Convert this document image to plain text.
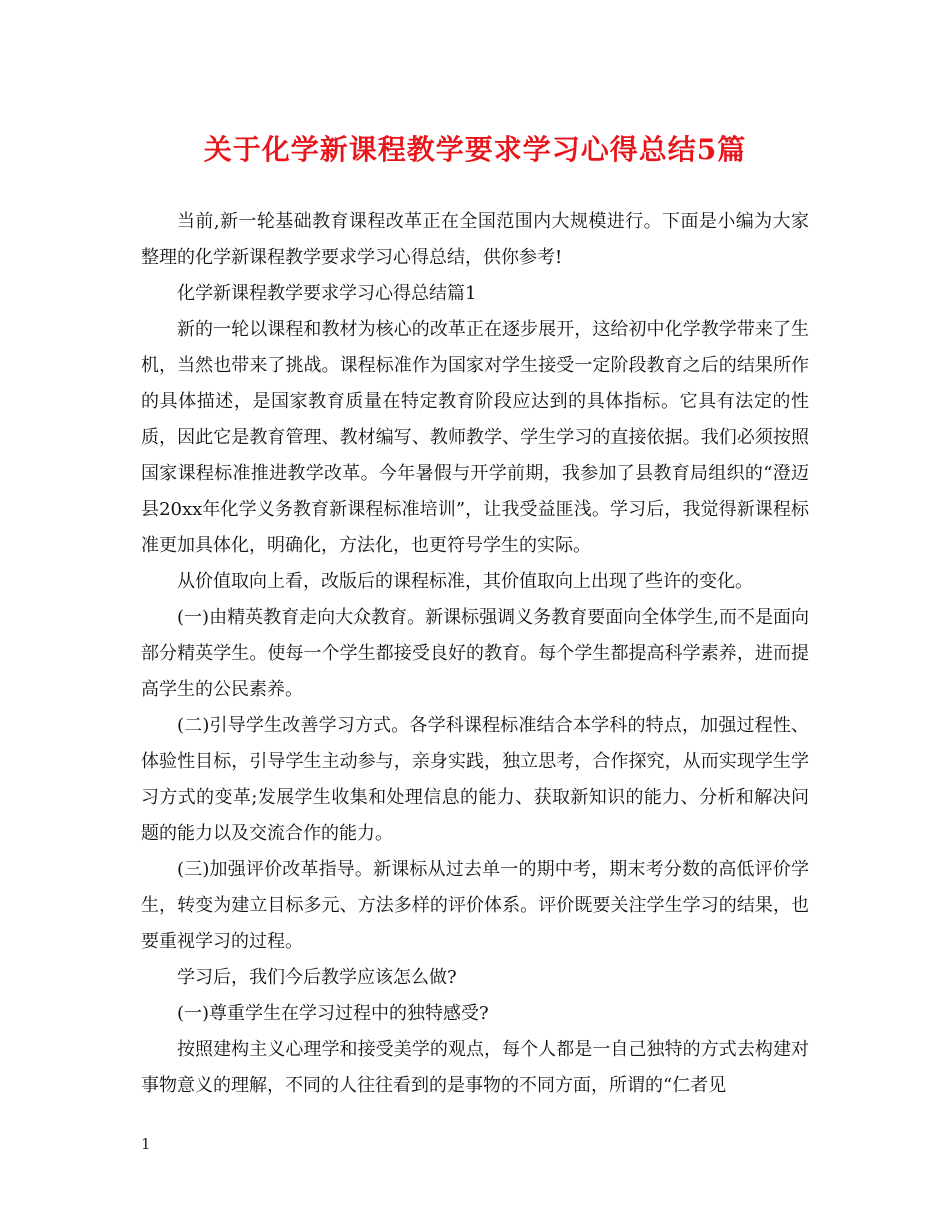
关于化学新课程教学要求学习心得总结5篇

当前,新一轮基础教育课程改革正在全国范围内大规模进行。下面是小编为大家整理的化学新课程教学要求学习心得总结，供你参考!

化学新课程教学要求学习心得总结篇1

新的一轮以课程和教材为核心的改革正在逐步展开，这给初中化学教学带来了生机，当然也带来了挑战。课程标准作为国家对学生接受一定阶段教育之后的结果所作的具体描述，是国家教育质量在特定教育阶段应达到的具体指标。它具有法定的性质，因此它是教育管理、教材编写、教师教学、学生学习的直接依据。我们必须按照国家课程标准推进教学改革。今年暑假与开学前期，我参加了县教育局组织的“澄迈县20xx年化学义务教育新课程标准培训”，让我受益匪浅。学习后，我觉得新课程标准更加具体化，明确化，方法化，也更符号学生的实际。

从价值取向上看，改版后的课程标准，其价值取向上出现了些许的变化。

(一)由精英教育走向大众教育。新课标强调义务教育要面向全体学生,而不是面向部分精英学生。使每一个学生都接受良好的教育。每个学生都提高科学素养，进而提高学生的公民素养。

(二)引导学生改善学习方式。各学科课程标准结合本学科的特点，加强过程性、体验性目标，引导学生主动参与，亲身实践，独立思考，合作探究，从而实现学生学习方式的变革;发展学生收集和处理信息的能力、获取新知识的能力、分析和解决问题的能力以及交流合作的能力。

(三)加强评价改革指导。新课标从过去单一的期中考，期末考分数的高低评价学生，转变为建立目标多元、方法多样的评价体系。评价既要关注学生学习的结果，也要重视学习的过程。

学习后，我们今后教学应该怎么做?

(一)尊重学生在学习过程中的独特感受?

按照建构主义心理学和接受美学的观点，每个人都是一自己独特的方式去构建对事物意义的理解，不同的人往往看到的是事物的不同方面，所谓的“仁者见

1
